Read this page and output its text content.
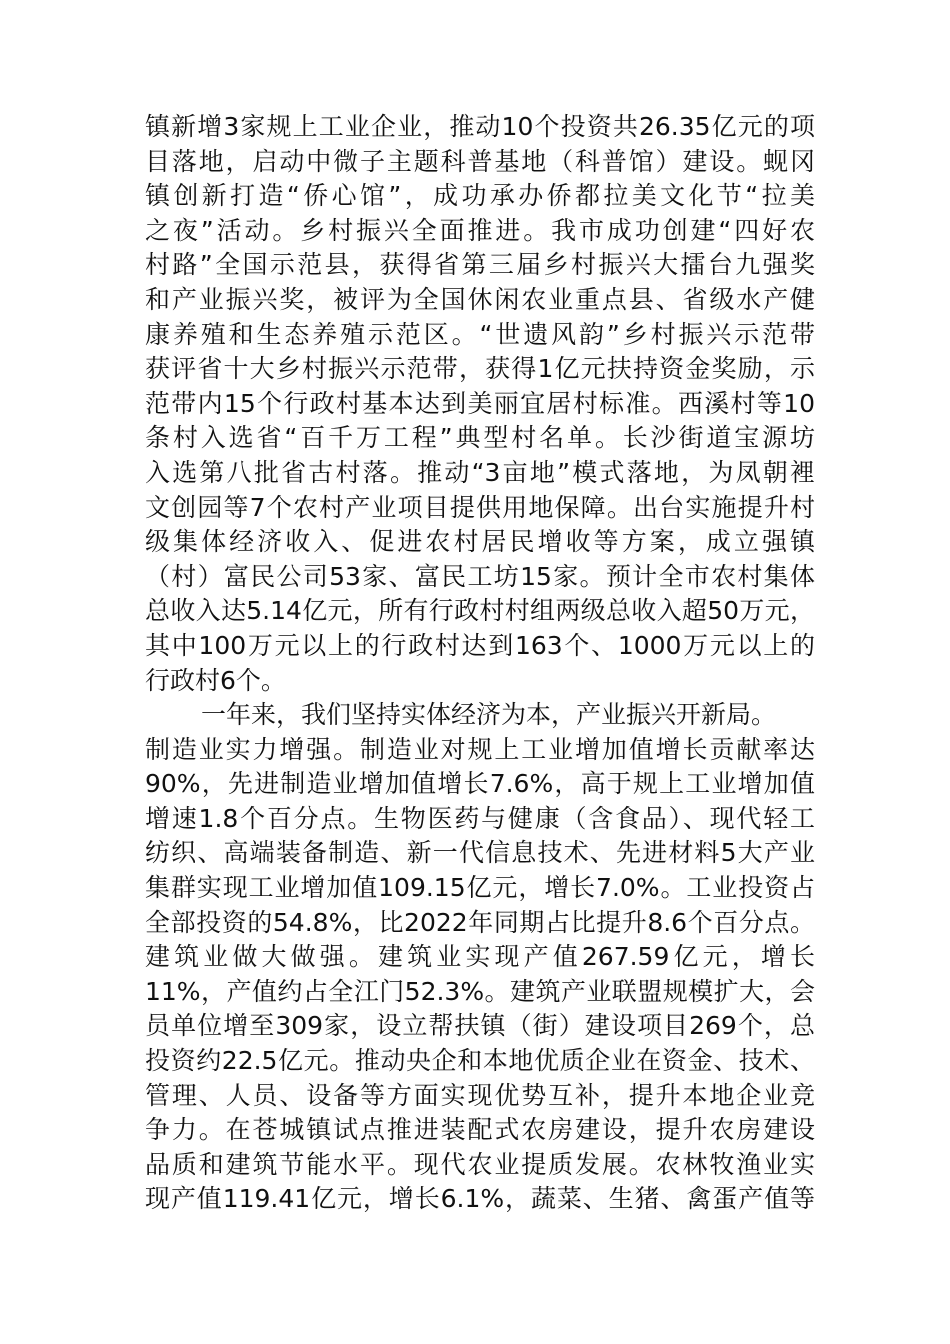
镇新增3家规上工业企业，推动10个投资共26.35亿元的项
目落地，启动中微子主题科普基地（科普馆）建设。蚬冈
镇创新打造“侨心馆”，成功承办侨都拉美文化节“拉美
之夜”活动。乡村振兴全面推进。我市成功创建“四好农
村路”全国示范县，获得省第三届乡村振兴大擂台九强奖
和产业振兴奖，被评为全国休闲农业重点县、省级水产健
康养殖和生态养殖示范区。“世遗风韵”乡村振兴示范带
获评省十大乡村振兴示范带，获得1亿元扶持资金奖励，示
范带内15个行政村基本达到美丽宜居村标准。西溪村等10
条村入选省“百千万工程”典型村名单。长沙街道宝源坊
入选第八批省古村落。推动“3亩地”模式落地，为凤朝裡
文创园等7个农村产业项目提供用地保障。出台实施提升村
级集体经济收入、促进农村居民增收等方案，成立强镇
（村）富民公司53家、富民工坊15家。预计全市农村集体
总收入达5.14亿元，所有行政村村组两级总收入超50万元，
其中100万元以上的行政村达到163个、1000万元以上的
行政村6个。
一年来，我们坚持实体经济为本，产业振兴开新局。
制造业实力增强。制造业对规上工业增加值增长贡献率达
90%，先进制造业增加值增长7.6%，高于规上工业增加值
增速1.8个百分点。生物医药与健康（含食品）、现代轻工
纺织、高端装备制造、新一代信息技术、先进材料5大产业
集群实现工业增加值109.15亿元，增长7.0%。工业投资占
全部投资的54.8%，比2022年同期占比提升8.6个百分点。
建筑业做大做强。建筑业实现产值267.59亿元，增长
11%，产值约占全江门52.3%。建筑产业联盟规模扩大，会
员单位增至309家，设立帮扶镇（街）建设项目269个，总
投资约22.5亿元。推动央企和本地优质企业在资金、技术、
管理、人员、设备等方面实现优势互补，提升本地企业竞
争力。在苍城镇试点推进装配式农房建设，提升农房建设
品质和建筑节能水平。现代农业提质发展。农林牧渔业实
现产值119.41亿元，增长6.1%，蔬菜、生猪、禽蛋产值等
